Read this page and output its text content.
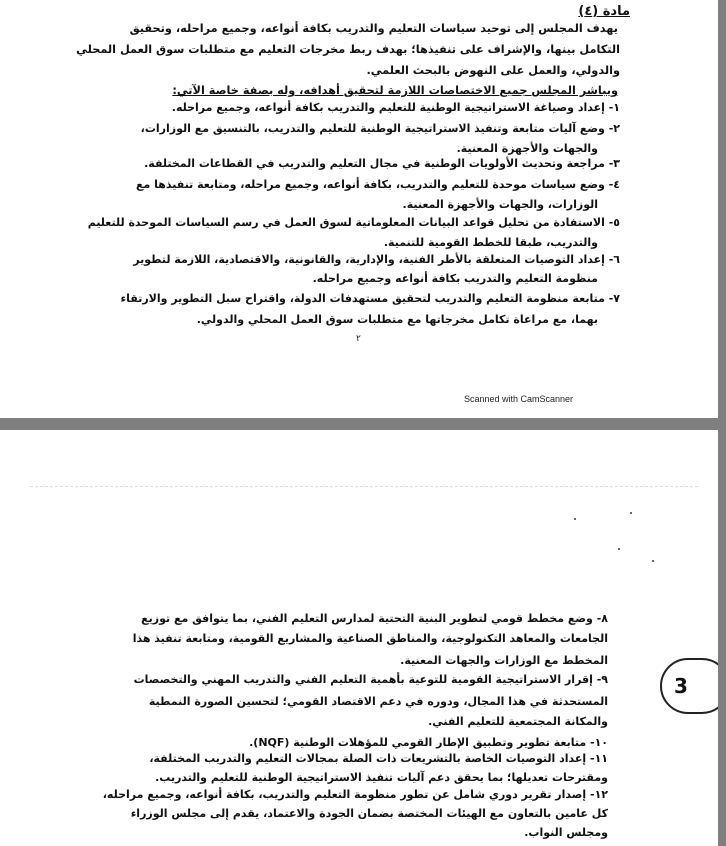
مادة (٤)
يهدف المجلس إلى توحيد سياسات التعليم والتدريب بكافة أنواعه، وجميع مراحله، وتحقيق
التكامل بينها، والإشراف على تنفيذها؛ بهدف ربط مخرجات التعليم مع متطلبات سوق العمل المحلي
والدولي، والعمل على النهوض بالبحث العلمي.
ويباشر المجلس جميع الاختصاصات اللازمة لتحقيق أهدافه، وله بصفة خاصة الآتي:
١- إعداد وصياغة الاستراتيجية الوطنية للتعليم والتدريب بكافة أنواعه، وجميع مراحله.
٢- وضع آليات متابعة وتنفيذ الاستراتيجية الوطنية للتعليم والتدريب، بالتنسيق مع الوزارات،
والجهات والأجهزة المعنية.
٣- مراجعة وتحديث الأولويات الوطنية في مجال التعليم والتدريب في القطاعات المختلفة.
٤- وضع سياسات موحدة للتعليم والتدريب، بكافة أنواعه، وجميع مراحله، ومتابعة تنفيذها مع
الوزارات، والجهات والأجهزة المعنية.
٥- الاستفادة من تحليل قواعد البيانات المعلوماتية لسوق العمل في رسم السياسات الموحدة للتعليم
والتدريب، طبقا للخطط القومية للتنمية.
٦- إعداد التوصيات المتعلقة بالأطر الفنية، والإدارية، والقانونية، والاقتصادية، اللازمة لتطوير
منظومة التعليم والتدريب بكافة أنواعه وجميع مراحله.
٧- متابعة منظومة التعليم والتدريب لتحقيق مستهدفات الدولة، واقتراح سبل التطوير والارتقاء
بهما، مع مراعاة تكامل مخرجاتها مع متطلبات سوق العمل المحلي والدولي.
٢
Scanned with CamScanner
3
٨- وضع مخطط قومي لتطوير البنية التحتية لمدارس التعليم الفني، بما يتوافق مع توزيع
الجامعات والمعاهد التكنولوجية، والمناطق الصناعية والمشاريع القومية، ومتابعة تنفيذ هذا
المخطط مع الوزارات والجهات المعنية.
٩- إقرار الاستراتيجية القومية للتوعية بأهمية التعليم الفني والتدريب المهني والتخصصات
المستحدثة في هذا المجال، ودوره في دعم الاقتصاد القومي؛ لتحسين الصورة النمطية
والمكانة المجتمعية للتعليم الفني.
١٠- متابعة تطوير وتطبيق الإطار القومي للمؤهلات الوطنية (NQF).
١١- إعداد التوصيات الخاصة بالتشريعات ذات الصلة بمجالات التعليم والتدريب المختلفة،
ومقترحات تعديلها؛ بما يحقق دعم آليات تنفيذ الاستراتيجية الوطنية للتعليم والتدريب.
١٢- إصدار تقرير دوري شامل عن تطور منظومة التعليم والتدريب، بكافة أنواعه، وجميع مراحله،
كل عامين بالتعاون مع الهيئات المختصة بضمان الجودة والاعتماد، يقدم إلى مجلس الوزراء
ومجلس النواب.
